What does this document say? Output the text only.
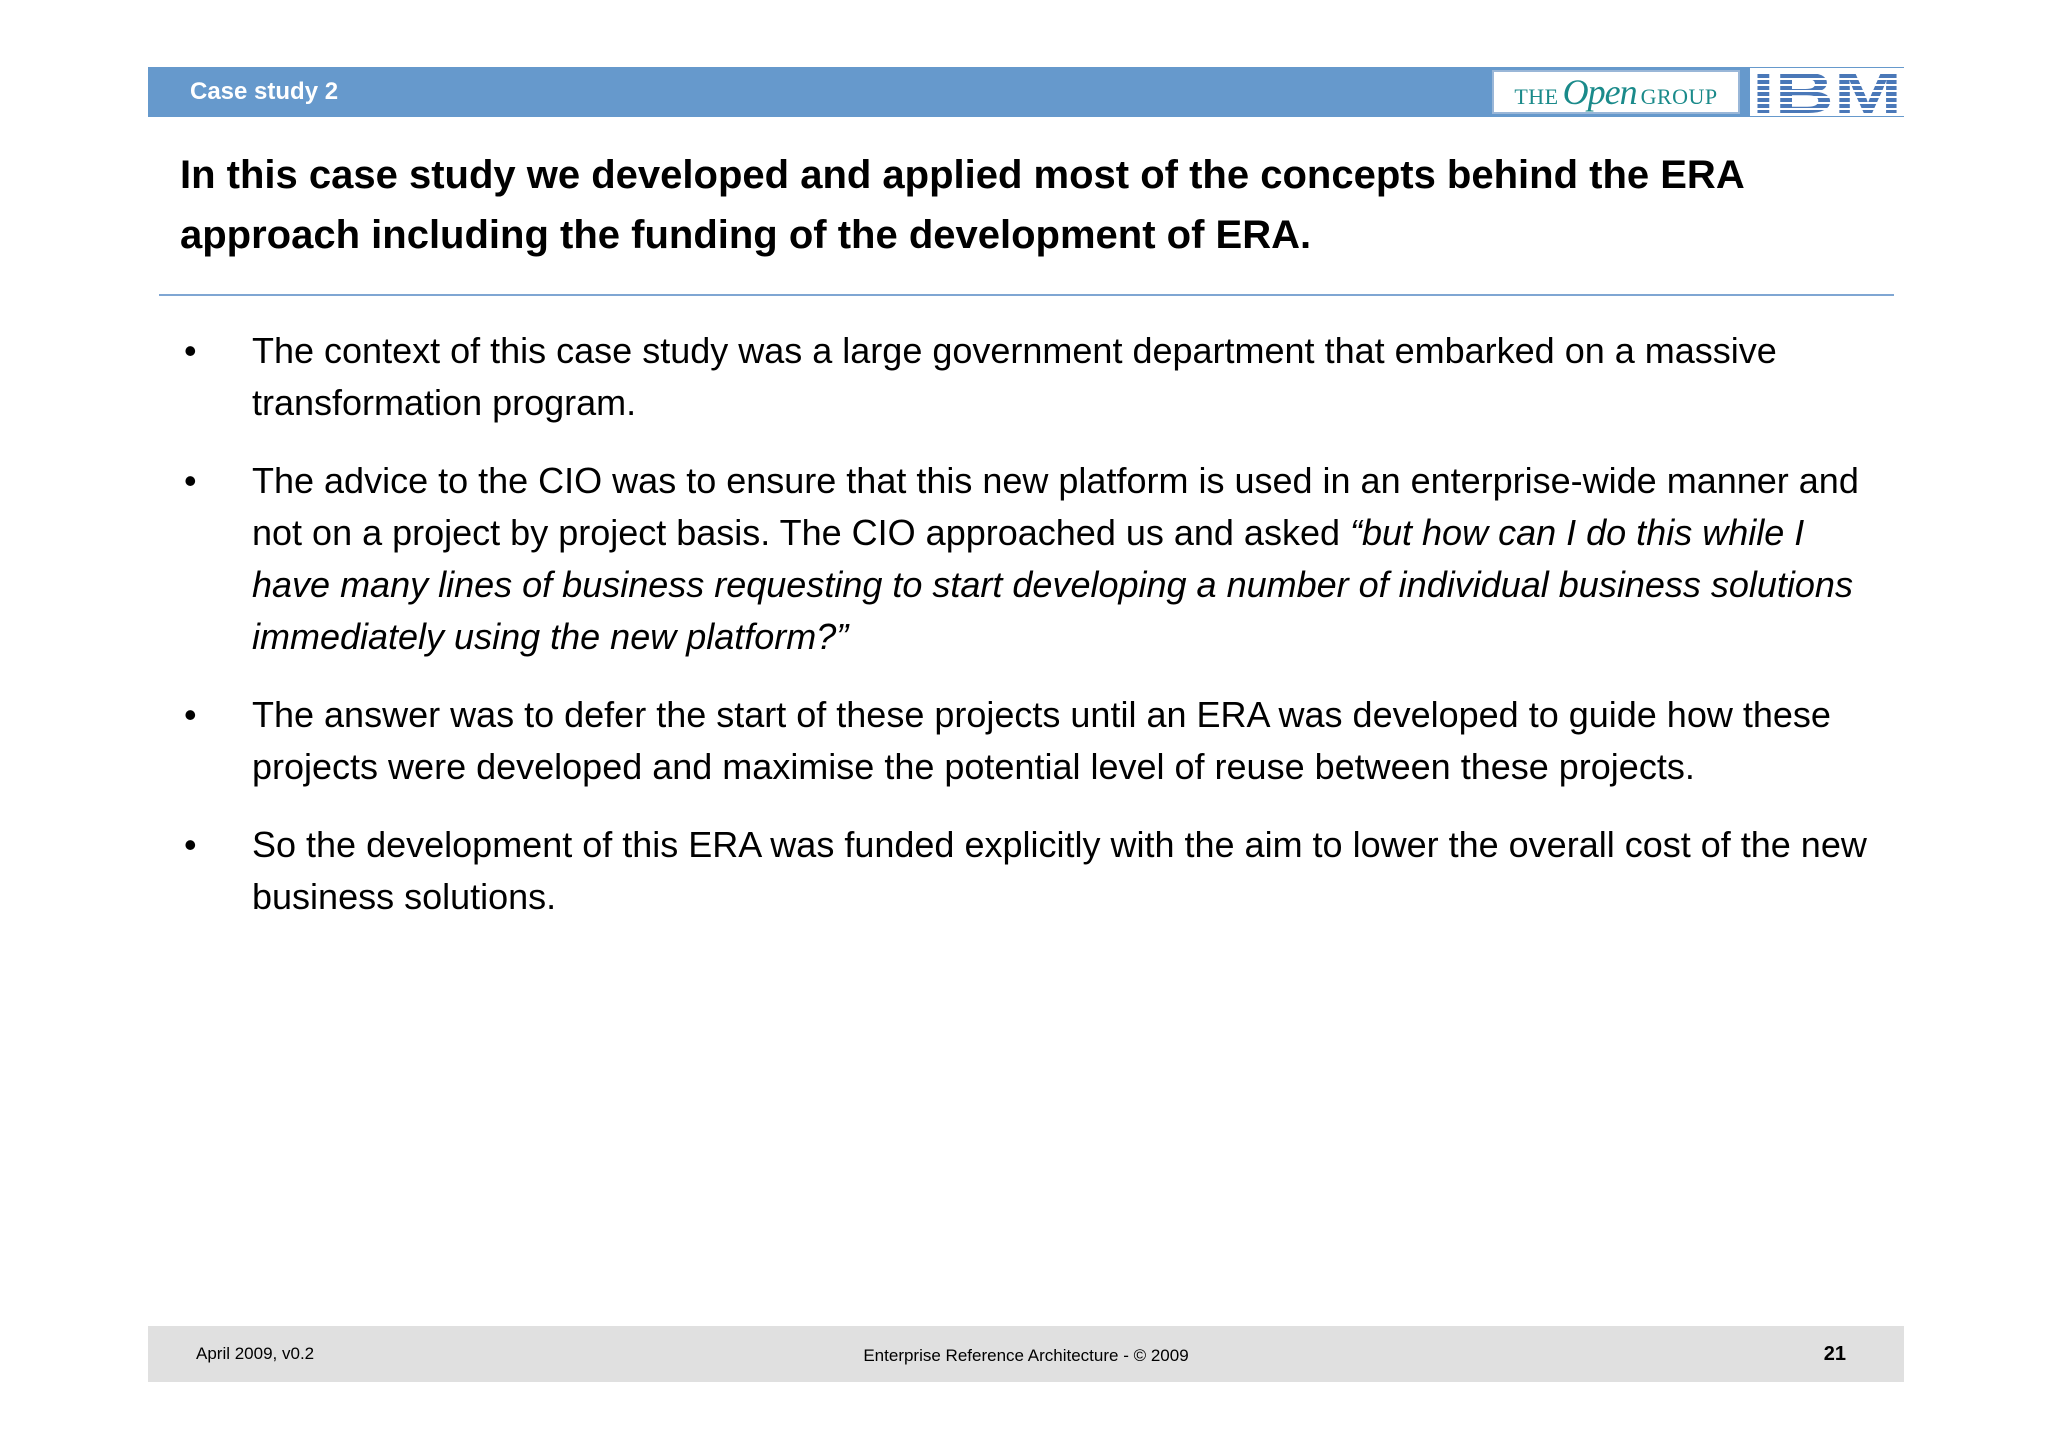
Case study 2	THE Open GROUP IBM
In this case study we developed and applied most of the concepts behind the ERA approach including the funding of the development of ERA.
• The context of this case study was a large government department that embarked on a massive transformation program.
• The advice to the CIO was to ensure that this new platform is used in an enterprise-wide manner and not on a project by project basis. The CIO approached us and asked “but how can I do this while I have many lines of business requesting to start developing a number of individual business solutions immediately using the new platform?”
• The answer was to defer the start of these projects until an ERA was developed to guide how these projects were developed and maximise the potential level of reuse between these projects.
• So the development of this ERA was funded explicitly with the aim to lower the overall cost of the new business solutions.
April 2009, v0.2	Enterprise Reference Architecture - © 2009	21
